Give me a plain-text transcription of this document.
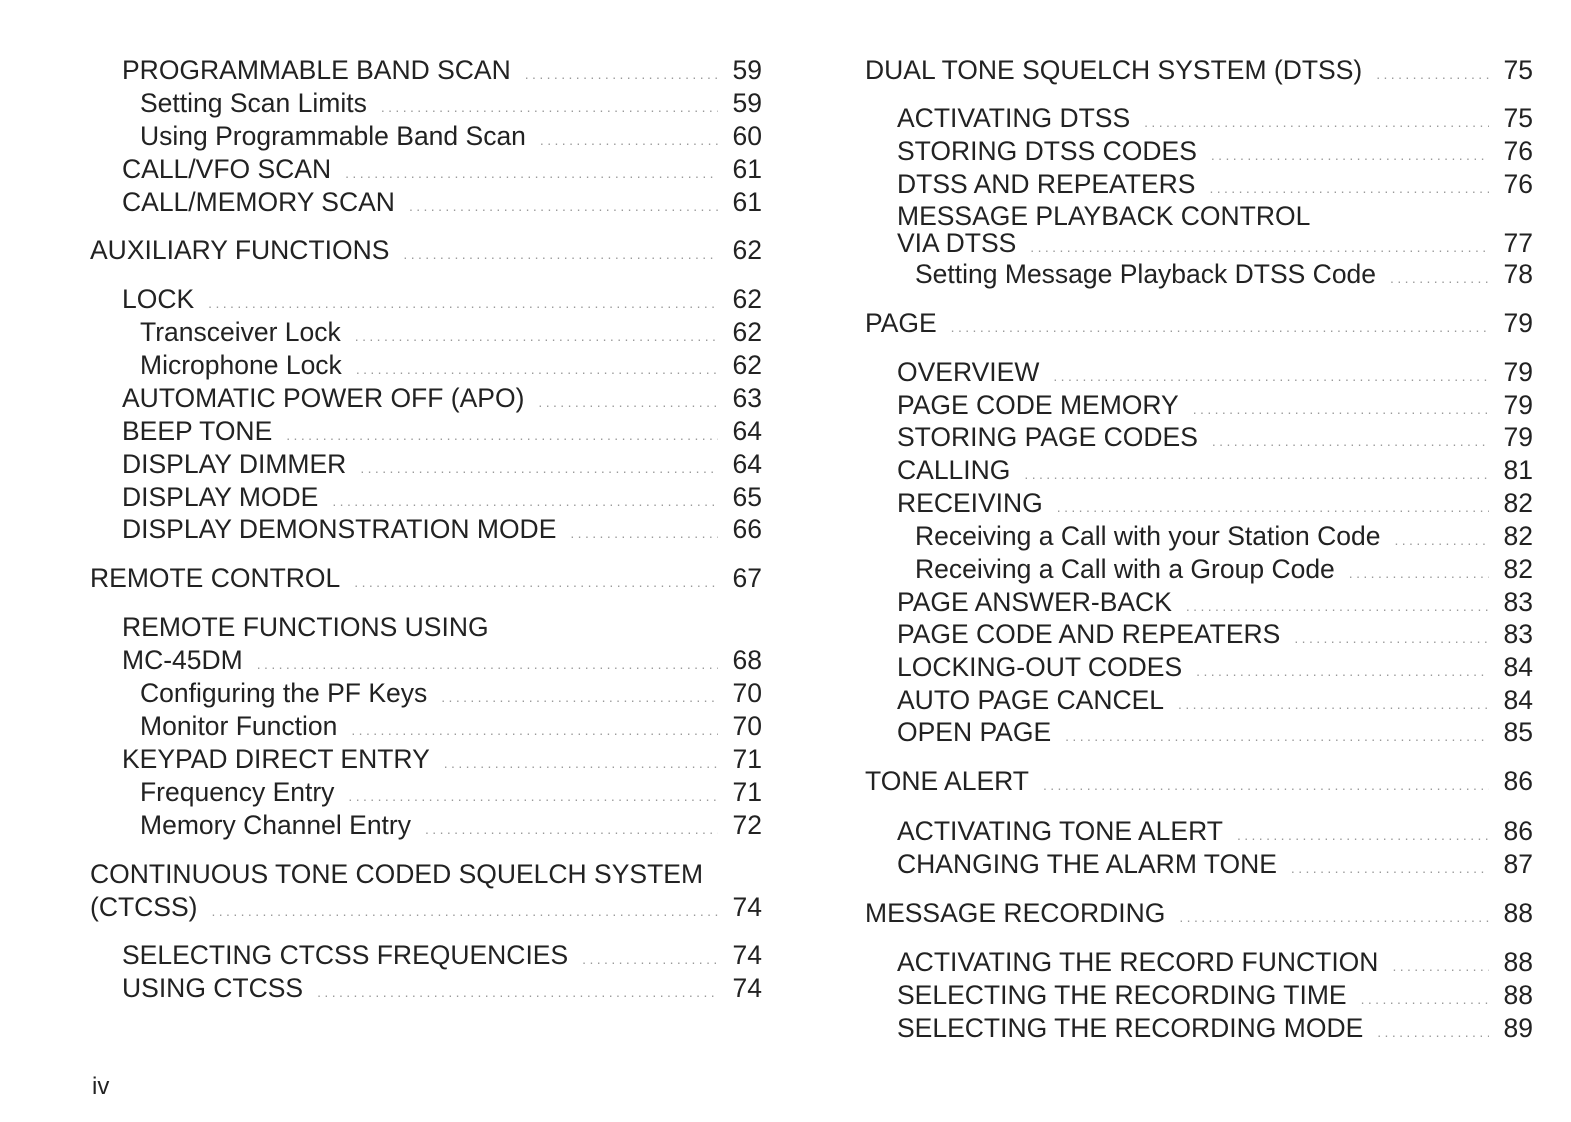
PROGRAMMABLE BAND SCAN .....	59
Setting Scan Limits .....	59
Using Programmable Band Scan .....	60
CALL/VFO SCAN .....	61
CALL/MEMORY SCAN .....	61
AUXILIARY FUNCTIONS .....	62
LOCK .....	62
Transceiver Lock .....	62
Microphone Lock .....	62
AUTOMATIC POWER OFF (APO) .....	63
BEEP TONE .....	64
DISPLAY DIMMER .....	64
DISPLAY MODE .....	65
DISPLAY DEMONSTRATION MODE .....	66
REMOTE CONTROL .....	67
REMOTE FUNCTIONS USING
MC-45DM .....	68
Configuring the PF Keys .....	70
Monitor Function .....	70
KEYPAD DIRECT ENTRY .....	71
Frequency Entry .....	71
Memory Channel Entry .....	72
CONTINUOUS TONE CODED SQUELCH SYSTEM
(CTCSS) .....	74
SELECTING CTCSS FREQUENCIES .....	74
USING CTCSS .....	74
DUAL TONE SQUELCH SYSTEM (DTSS) .....	75
ACTIVATING DTSS .....	75
STORING DTSS CODES .....	76
DTSS AND REPEATERS .....	76
MESSAGE PLAYBACK CONTROL
VIA DTSS .....	77
Setting Message Playback DTSS Code .....	78
PAGE .....	79
OVERVIEW .....	79
PAGE CODE MEMORY .....	79
STORING PAGE CODES .....	79
CALLING .....	81
RECEIVING .....	82
Receiving a Call with your Station Code .....	82
Receiving a Call with a Group Code .....	82
PAGE ANSWER-BACK .....	83
PAGE CODE AND REPEATERS .....	83
LOCKING-OUT CODES .....	84
AUTO PAGE CANCEL .....	84
OPEN PAGE .....	85
TONE ALERT .....	86
ACTIVATING TONE ALERT .....	86
CHANGING THE ALARM TONE .....	87
MESSAGE RECORDING .....	88
ACTIVATING THE RECORD FUNCTION .....	88
SELECTING THE RECORDING TIME .....	88
SELECTING THE RECORDING MODE .....	89
iv
